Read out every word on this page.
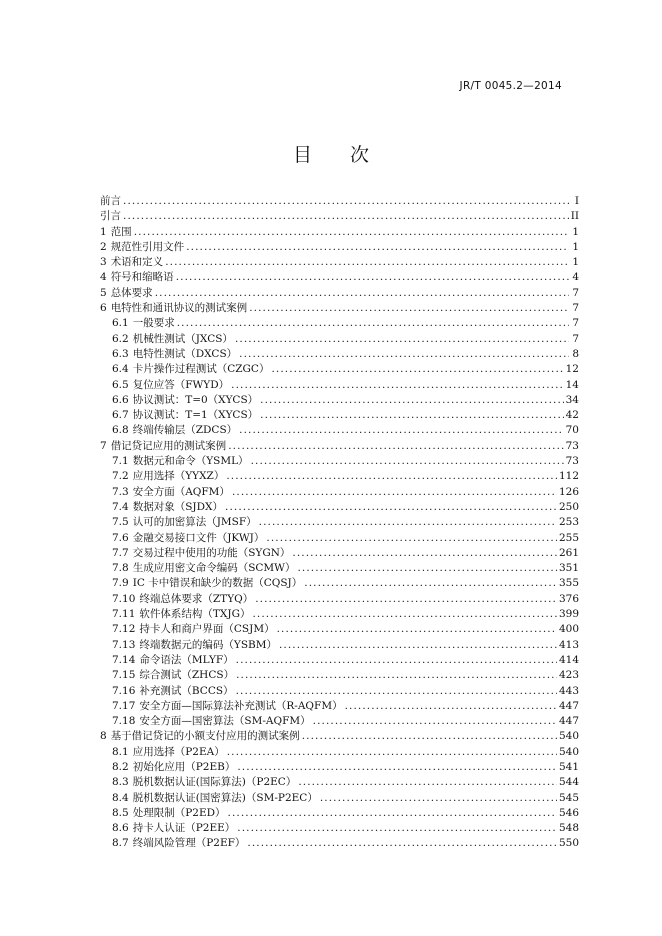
JR/T 0045.2—2014
目 次
前言 .....	I
引言 .....	II
1 范围 .....	1
2 规范性引用文件 .....	1
3 术语和定义 .....	1
4 符号和缩略语 .....	4
5 总体要求 .....	7
6 电特性和通讯协议的测试案例 .....	7
6.1 一般要求 .....	7
6.2 机械性测试（JXCS） .....	7
6.3 电特性测试（DXCS） .....	8
6.4 卡片操作过程测试（CZGC） .....	12
6.5 复位应答（FWYD） .....	14
6.6 协议测试：T=0（XYCS） .....	34
6.7 协议测试：T=1（XYCS） .....	42
6.8 终端传输层（ZDCS） .....	70
7 借记贷记应用的测试案例 .....	73
7.1 数据元和命令（YSML） .....	73
7.2 应用选择（YYXZ） .....	112
7.3 安全方面（AQFM） .....	126
7.4 数据对象（SJDX） .....	250
7.5 认可的加密算法（JMSF） .....	253
7.6 金融交易接口文件（JKWJ） .....	255
7.7 交易过程中使用的功能（SYGN） .....	261
7.8 生成应用密文命令编码（SCMW） .....	351
7.9 IC 卡中错误和缺少的数据（CQSJ） .....	355
7.10 终端总体要求（ZTYQ） .....	376
7.11 软件体系结构（TXJG） .....	399
7.12 持卡人和商户界面（CSJM） .....	400
7.13 终端数据元的编码（YSBM） .....	413
7.14 命令语法（MLYF） .....	414
7.15 综合测试（ZHCS） .....	423
7.16 补充测试（BCCS） .....	443
7.17 安全方面—国际算法补充测试（R-AQFM） .....	447
7.18 安全方面—国密算法（SM-AQFM） .....	447
8 基于借记贷记的小额支付应用的测试案例 .....	540
8.1 应用选择（P2EA） .....	540
8.2 初始化应用（P2EB） .....	541
8.3 脱机数据认证(国际算法)（P2EC） .....	544
8.4 脱机数据认证(国密算法)（SM-P2EC） .....	545
8.5 处理限制（P2ED） .....	546
8.6 持卡人认证（P2EE） .....	548
8.7 终端风险管理（P2EF） .....	550
